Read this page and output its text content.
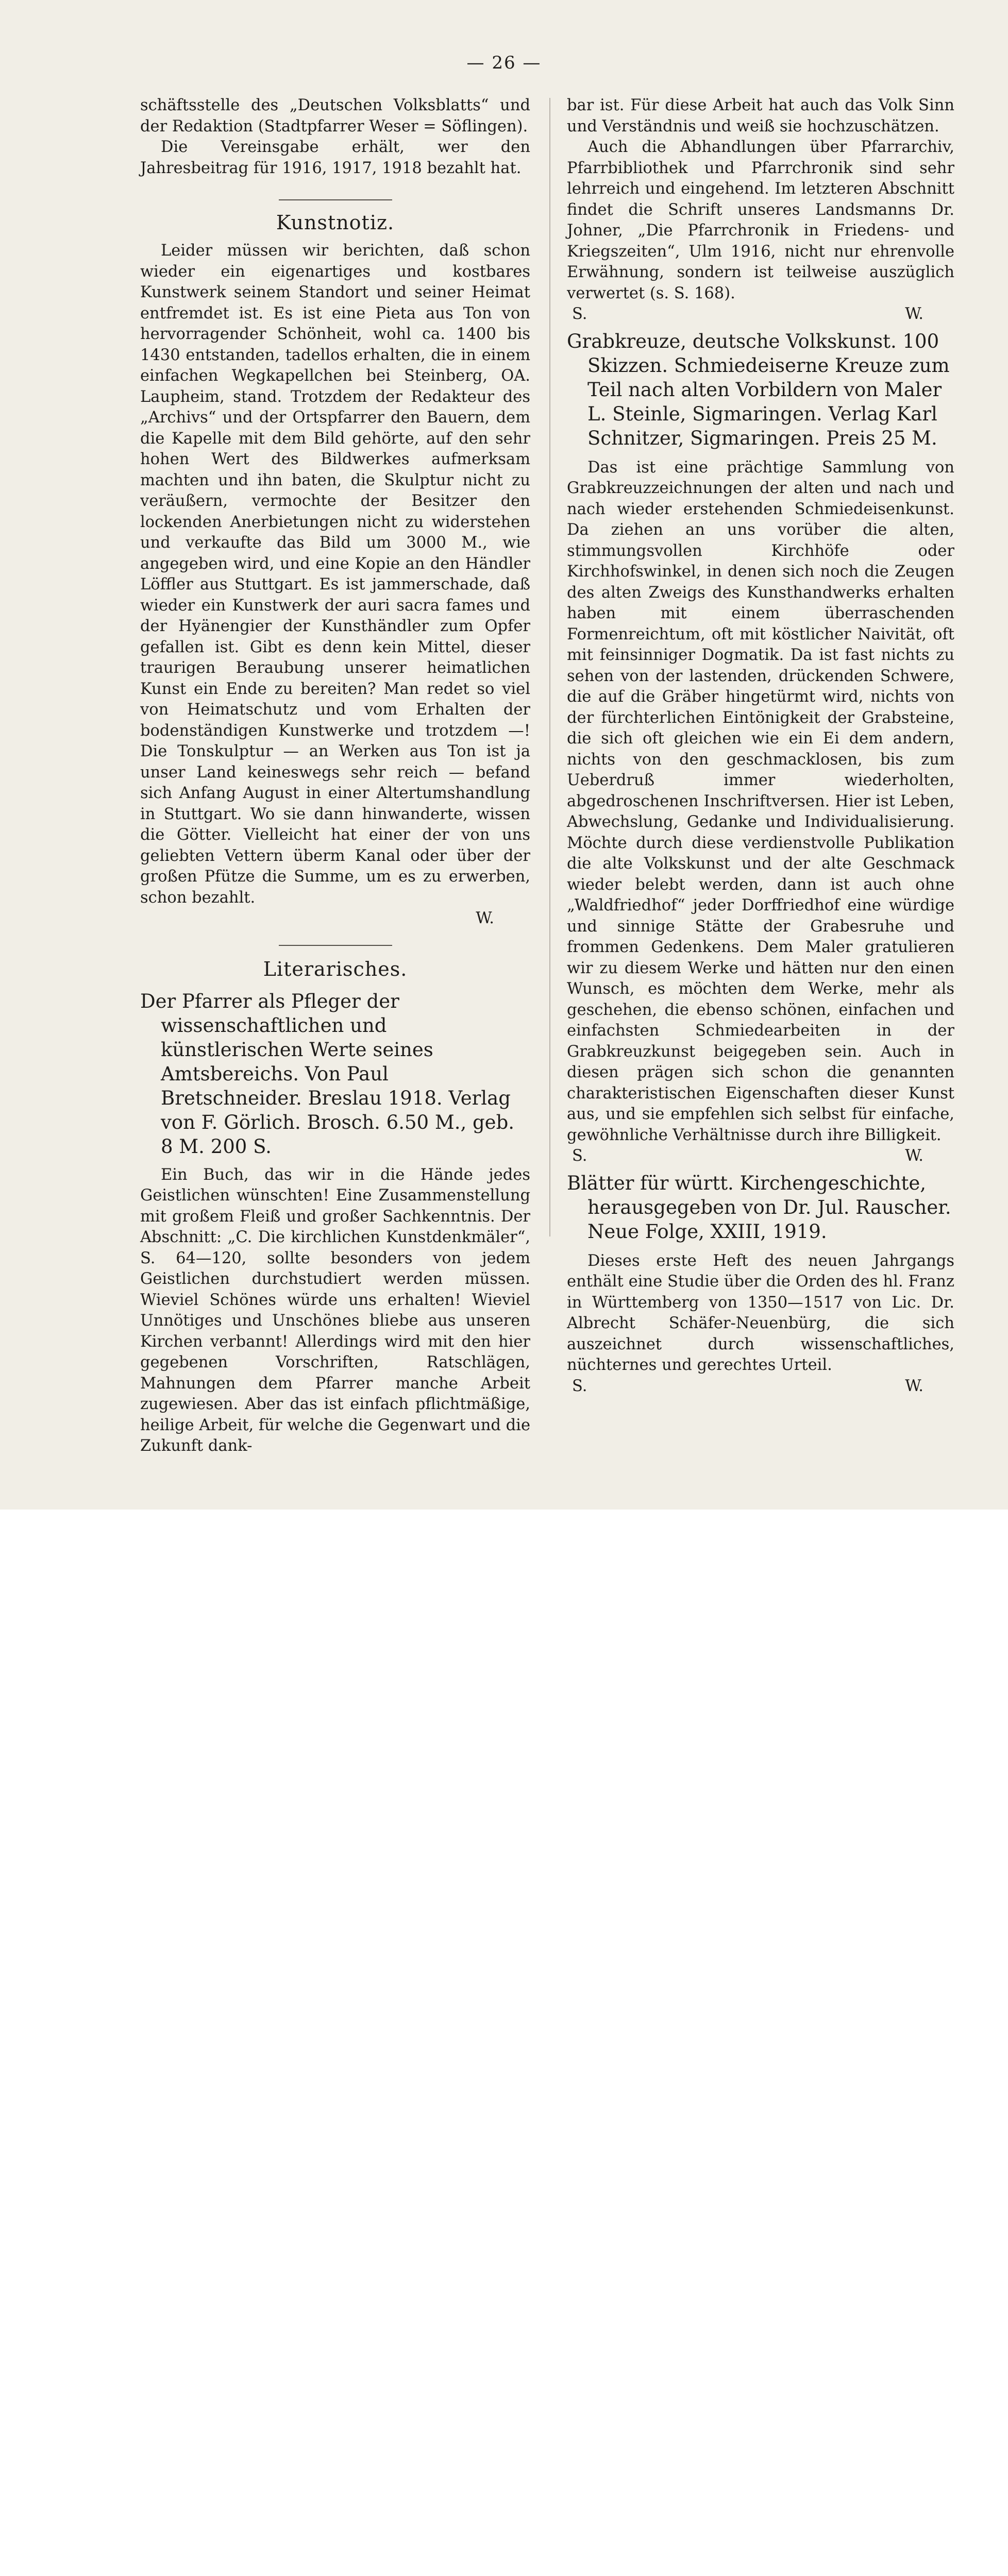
— 26 —

schäftsstelle des „Deutschen Volksblatts“ und der Redaktion (Stadtpfarrer Weser = Söflingen).

Die Vereinsgabe erhält, wer den Jahresbeitrag für 1916, 1917, 1918 bezahlt hat.

Kunstnotiz.

Leider müssen wir berichten, daß schon wieder ein eigenartiges und kostbares Kunstwerk seinem Standort und seiner Heimat entfremdet ist. Es ist eine Pieta aus Ton von hervorragender Schönheit, wohl ca. 1400 bis 1430 entstanden, tadellos erhalten, die in einem einfachen Wegkapellchen bei Steinberg, OA. Laupheim, stand. Trotzdem der Redakteur des „Archivs“ und der Ortspfarrer den Bauern, dem die Kapelle mit dem Bild gehörte, auf den sehr hohen Wert des Bildwerkes aufmerksam machten und ihn baten, die Skulptur nicht zu veräußern, vermochte der Besitzer den lockenden Anerbietungen nicht zu widerstehen und verkaufte das Bild um 3000 M., wie angegeben wird, und eine Kopie an den Händler Löffler aus Stuttgart. Es ist jammerschade, daß wieder ein Kunstwerk der auri sacra fames und der Hyänengier der Kunsthändler zum Opfer gefallen ist. Gibt es denn kein Mittel, dieser traurigen Beraubung unserer heimatlichen Kunst ein Ende zu bereiten? Man redet so viel von Heimatschutz und vom Erhalten der bodenständigen Kunstwerke und trotzdem —! Die Tonskulptur — an Werken aus Ton ist ja unser Land keineswegs sehr reich — befand sich Anfang August in einer Altertumshandlung in Stuttgart. Wo sie dann hinwanderte, wissen die Götter. Vielleicht hat einer der von uns geliebten Vettern überm Kanal oder über der großen Pfütze die Summe, um es zu erwerben, schon bezahlt.

W.
Literarisches.

Der Pfarrer als Pfleger der wissenschaftlichen und künstlerischen Werte seines Amtsbereichs. Von Paul Bretschneider. Breslau 1918. Verlag von F. Görlich. Brosch. 6.50 M., geb. 8 M. 200 S.

Ein Buch, das wir in die Hände jedes Geistlichen wünschten! Eine Zusammenstellung mit großem Fleiß und großer Sachkenntnis. Der Abschnitt: „C. Die kirchlichen Kunstdenkmäler“, S. 64—120, sollte besonders von jedem Geistlichen durchstudiert werden müssen. Wieviel Schönes würde uns erhalten! Wieviel Unnötiges und Unschönes bliebe aus unseren Kirchen verbannt! Allerdings wird mit den hier gegebenen Vorschriften, Ratschlägen, Mahnungen dem Pfarrer manche Arbeit zugewiesen. Aber das ist einfach pflichtmäßige, heilige Arbeit, für welche die Gegenwart und die Zukunft dank-

bar ist. Für diese Arbeit hat auch das Volk Sinn und Verständnis und weiß sie hochzuschätzen.

Auch die Abhandlungen über Pfarrarchiv, Pfarrbibliothek und Pfarrchronik sind sehr lehrreich und eingehend. Im letzteren Abschnitt findet die Schrift unseres Landsmanns Dr. Johner, „Die Pfarrchronik in Friedens- und Kriegszeiten“, Ulm 1916, nicht nur ehrenvolle Erwähnung, sondern ist teilweise auszüglich verwertet (s. S. 168).

S.	W.

Grabkreuze, deutsche Volkskunst. 100 Skizzen. Schmiedeiserne Kreuze zum Teil nach alten Vorbildern von Maler L. Steinle, Sigmaringen. Verlag Karl Schnitzer, Sigmaringen. Preis 25 M.

Das ist eine prächtige Sammlung von Grabkreuzzeichnungen der alten und nach und nach wieder erstehenden Schmiedeisenkunst. Da ziehen an uns vorüber die alten, stimmungsvollen Kirchhöfe oder Kirchhofswinkel, in denen sich noch die Zeugen des alten Zweigs des Kunsthandwerks erhalten haben mit einem überraschenden Formenreichtum, oft mit köstlicher Naivität, oft mit feinsinniger Dogmatik. Da ist fast nichts zu sehen von der lastenden, drückenden Schwere, die auf die Gräber hingetürmt wird, nichts von der fürchterlichen Eintönigkeit der Grabsteine, die sich oft gleichen wie ein Ei dem andern, nichts von den geschmacklosen, bis zum Ueberdruß immer wiederholten, abgedroschenen Inschriftversen. Hier ist Leben, Abwechslung, Gedanke und Individualisierung. Möchte durch diese verdienstvolle Publikation die alte Volkskunst und der alte Geschmack wieder belebt werden, dann ist auch ohne „Waldfriedhof“ jeder Dorffriedhof eine würdige und sinnige Stätte der Grabesruhe und frommen Gedenkens. Dem Maler gratulieren wir zu diesem Werke und hätten nur den einen Wunsch, es möchten dem Werke, mehr als geschehen, die ebenso schönen, einfachen und einfachsten Schmiedearbeiten in der Grabkreuzkunst beigegeben sein. Auch in diesen prägen sich schon die genannten charakteristischen Eigenschaften dieser Kunst aus, und sie empfehlen sich selbst für einfache, gewöhnliche Verhältnisse durch ihre Billigkeit.

S.	W.

Blätter für württ. Kirchengeschichte, herausgegeben von Dr. Jul. Rauscher. Neue Folge, XXIII, 1919.

Dieses erste Heft des neuen Jahrgangs enthält eine Studie über die Orden des hl. Franz in Württemberg von 1350—1517 von Lic. Dr. Albrecht Schäfer-Neuenbürg, die sich auszeichnet durch wissenschaftliches, nüchternes und gerechtes Urteil.

S.	W.
